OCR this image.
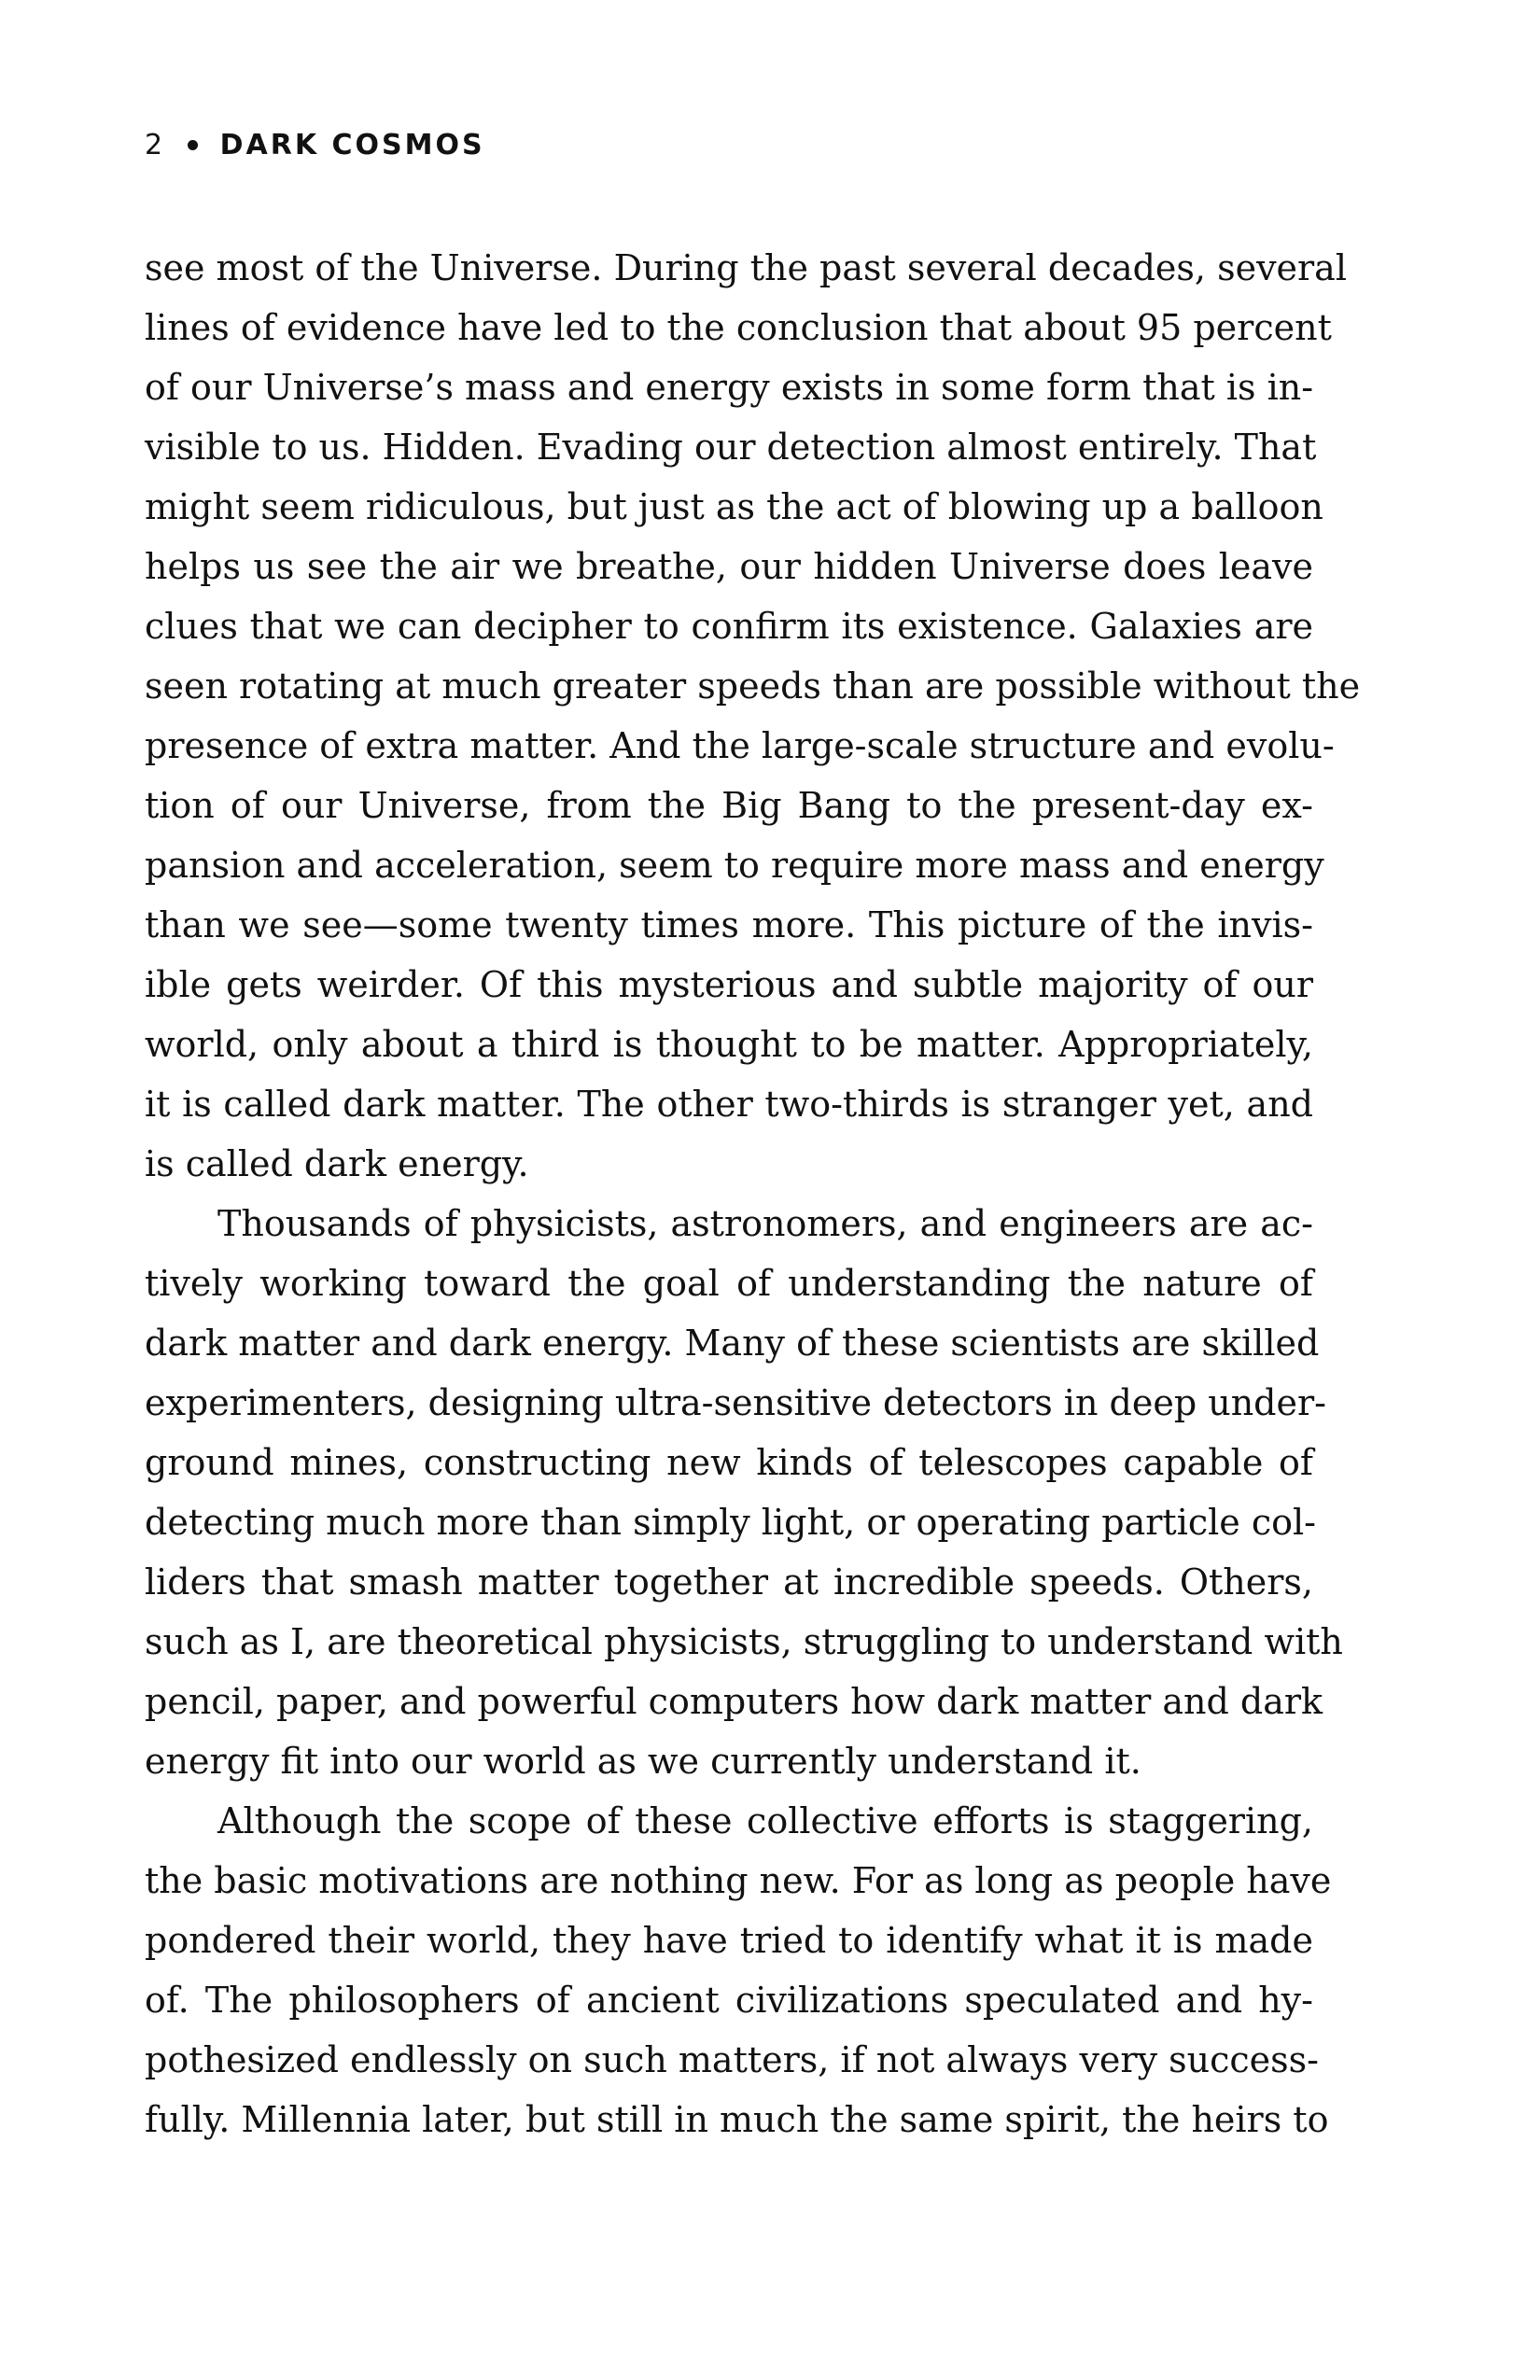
2 DARK COSMOS
see most of the Universe. During the past several decades, several
lines of evidence have led to the conclusion that about 95 percent
of our Universe’s mass and energy exists in some form that is in-
visible to us. Hidden. Evading our detection almost entirely. That
might seem ridiculous, but just as the act of blowing up a balloon
helps us see the air we breathe, our hidden Universe does leave
clues that we can decipher to confirm its existence. Galaxies are
seen rotating at much greater speeds than are possible without the
presence of extra matter. And the large-scale structure and evolu-
tion of our Universe, from the Big Bang to the present-day ex-
pansion and acceleration, seem to require more mass and energy
than we see—some twenty times more. This picture of the invis-
ible gets weirder. Of this mysterious and subtle majority of our
world, only about a third is thought to be matter. Appropriately,
it is called dark matter. The other two-thirds is stranger yet, and
is called dark energy.
Thousands of physicists, astronomers, and engineers are ac-
tively working toward the goal of understanding the nature of
dark matter and dark energy. Many of these scientists are skilled
experimenters, designing ultra-sensitive detectors in deep under-
ground mines, constructing new kinds of telescopes capable of
detecting much more than simply light, or operating particle col-
liders that smash matter together at incredible speeds. Others,
such as I, are theoretical physicists, struggling to understand with
pencil, paper, and powerful computers how dark matter and dark
energy fit into our world as we currently understand it.
Although the scope of these collective efforts is staggering,
the basic motivations are nothing new. For as long as people have
pondered their world, they have tried to identify what it is made
of. The philosophers of ancient civilizations speculated and hy-
pothesized endlessly on such matters, if not always very success-
fully. Millennia later, but still in much the same spirit, the heirs to
